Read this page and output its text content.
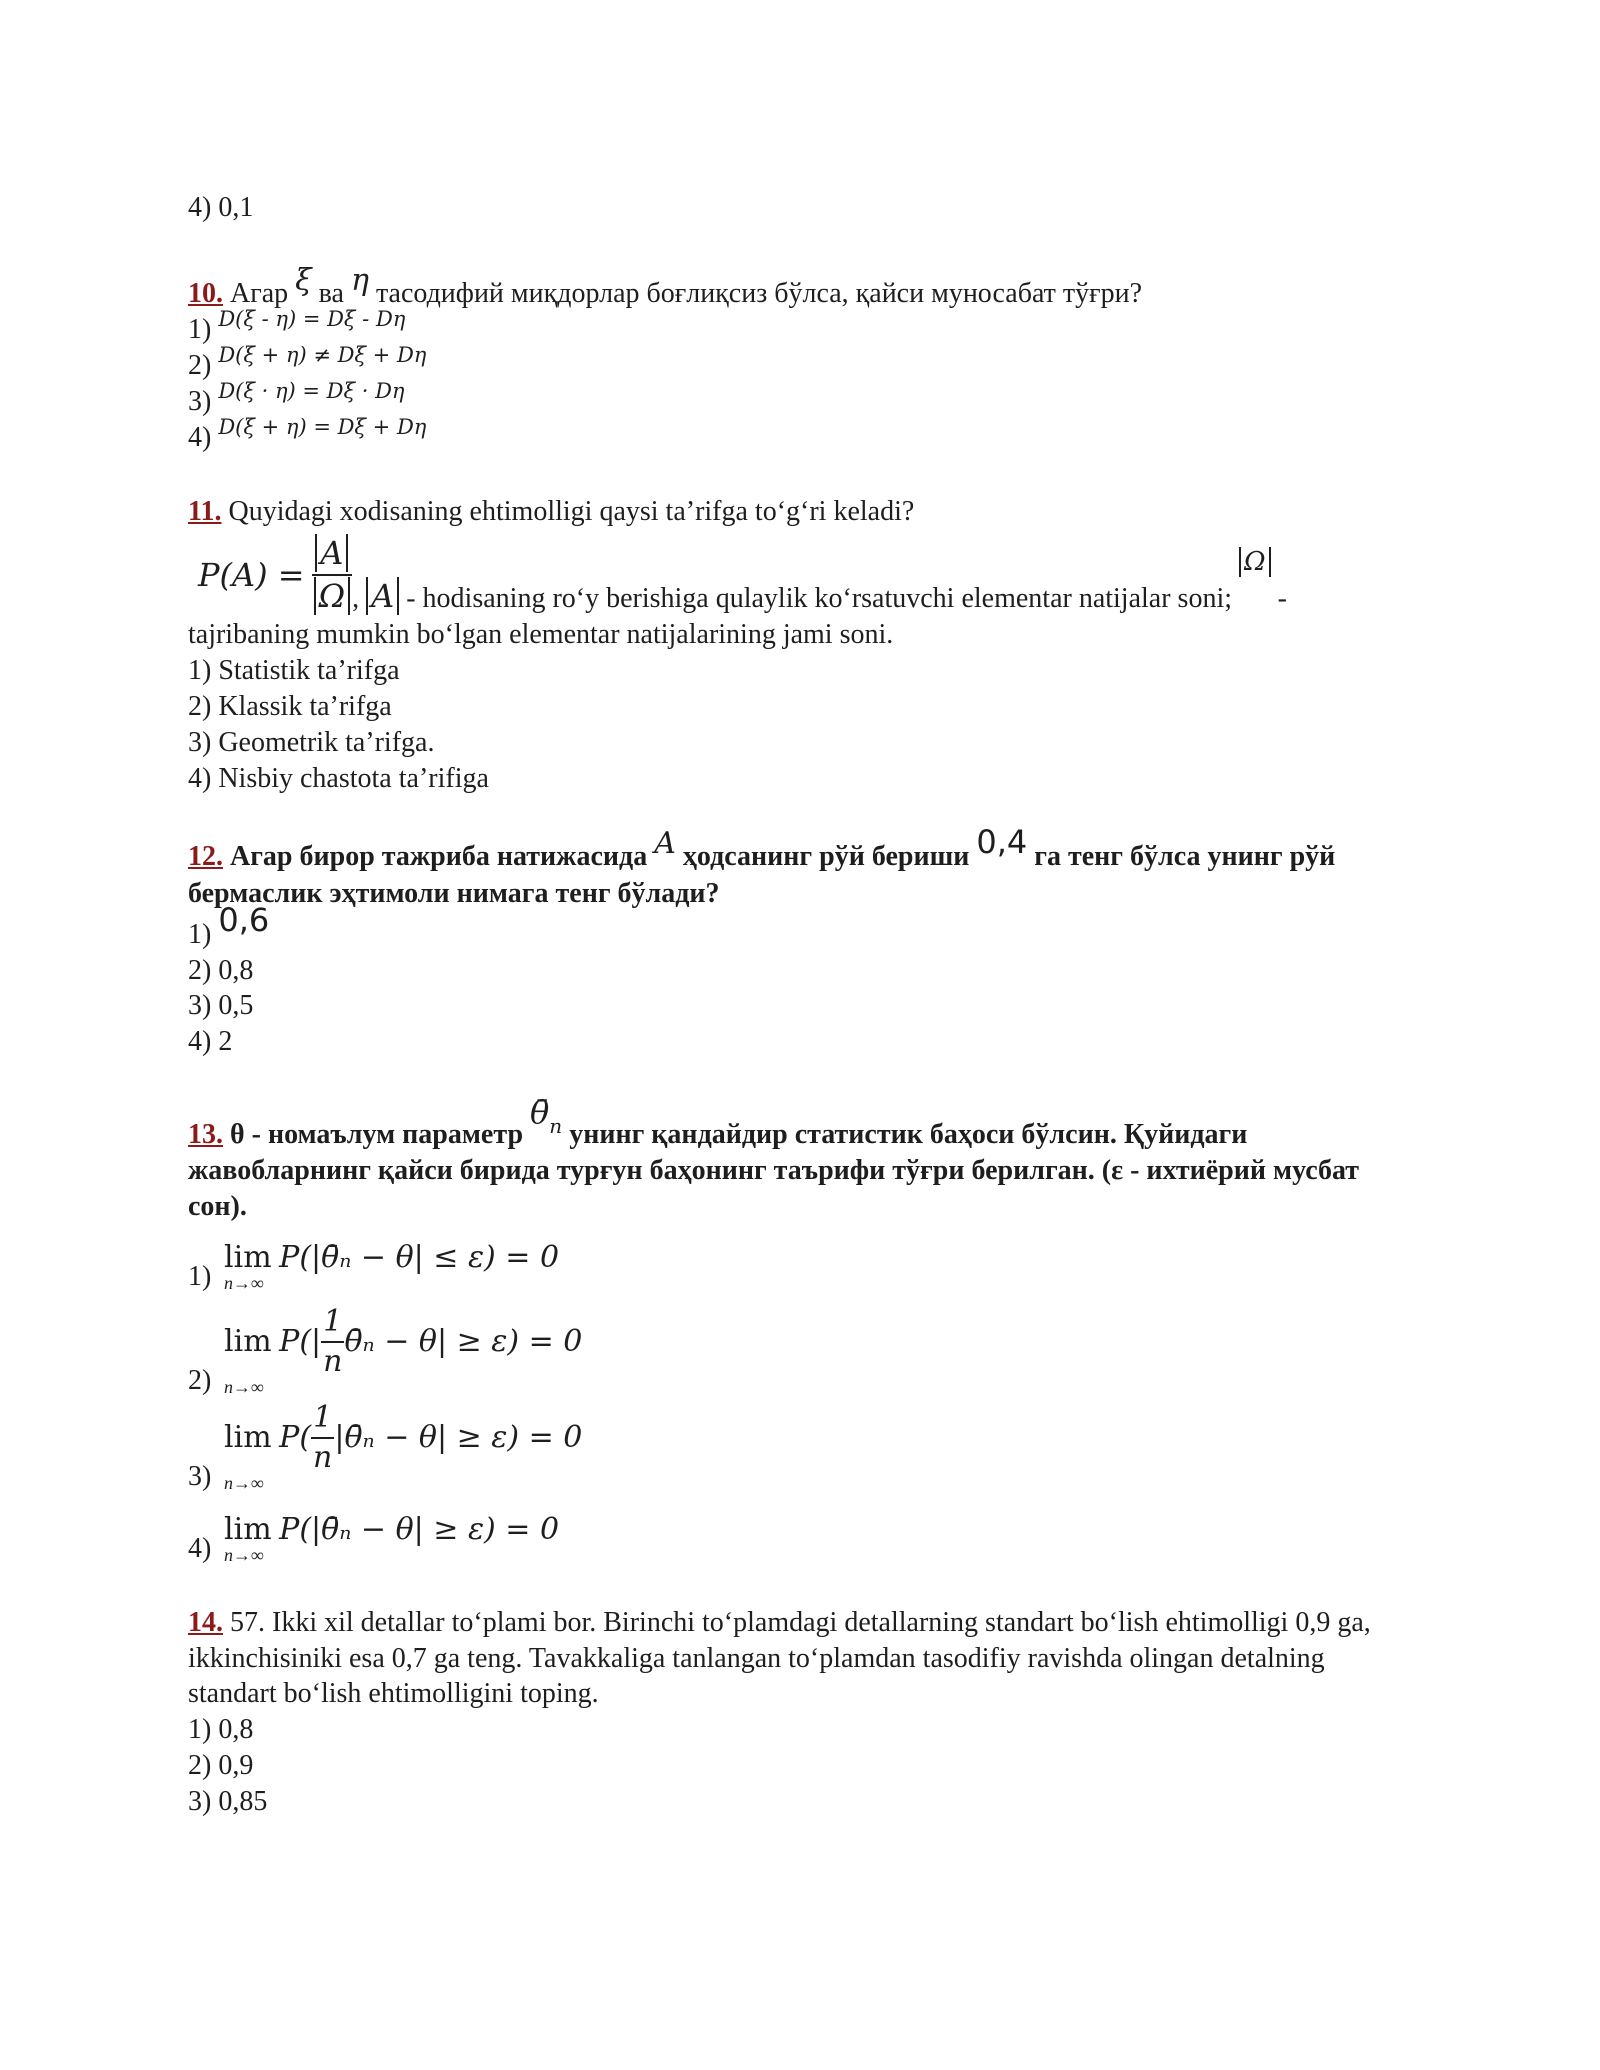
4) 0,1
10. Агар ξ ва η тасодифий миқдорлар боғлиқсиз бўлса, қайси муносабат тўғри?
1) $^{D(\xi - \eta) = D\xi - D\eta}$
2) $^{D(\xi + \eta) \ne D\xi + D\eta}$
3) $^{D(\xi \cdot \eta) = D\xi \cdot D\eta}$
4) $^{D(\xi + \eta) = D\xi + D\eta}$
11. Quyidagi xodisaning ehtimolligi qaysi ta’rifga to‘g‘ri keladi?
$P(A) = \frac{A}{\Omega}$ , A - hodisaning ro‘y berishiga qulaylik ko‘rsatuvchi elementar natijalar soni; Ω -
tajribaning mumkin bo‘lgan elementar natijalarining jami soni.
1) Statistik ta’rifga
2) Klassik ta’rifga
3) Geometrik ta’rifga.
4) Nisbiy chastota ta’rifiga
12. Агар бирор тажриба натижасида A ҳодсанинг рўй бериши 0,4 га тенг бўлса унинг рўй
бермаслик эҳтимоли нимага тенг бўлади?
1) 0,6
2) 0,8
3) 0,5
4) 2
13. θ - номаълум параметр θ̄$^n$ унинг қандайдир статистик баҳоси бўлсин. Қуйидаги
жавобларнинг қайси бирида турғун баҳонинг таърифи тўғри берилган. (ε - ихтиёрий мусбат
сон).
1)
lim P(|θ̄ₙ − θ| ≤ ε) = 0
n→∞
2)
lim
$P(| \frac{1}{n}$ θ̄ₙ − θ| ≥ ε) = 0
n→∞
3)
lim
$P( \frac{1}{n}$ |θ̄ₙ − θ| ≥ ε) = 0
n→∞
4)
lim P(|θ̄ₙ − θ| ≥ ε) = 0
n→∞
14. 57. Ikki xil detallar to‘plami bor. Birinchi to‘plamdagi detallarning standart bo‘lish ehtimolligi 0,9 ga,
ikkinchisiniki esa 0,7 ga teng. Tavakkaliga tanlangan to‘plamdan tasodifiy ravishda olingan detalning
standart bo‘lish ehtimolligini toping.
1) 0,8
2) 0,9
3) 0,85
